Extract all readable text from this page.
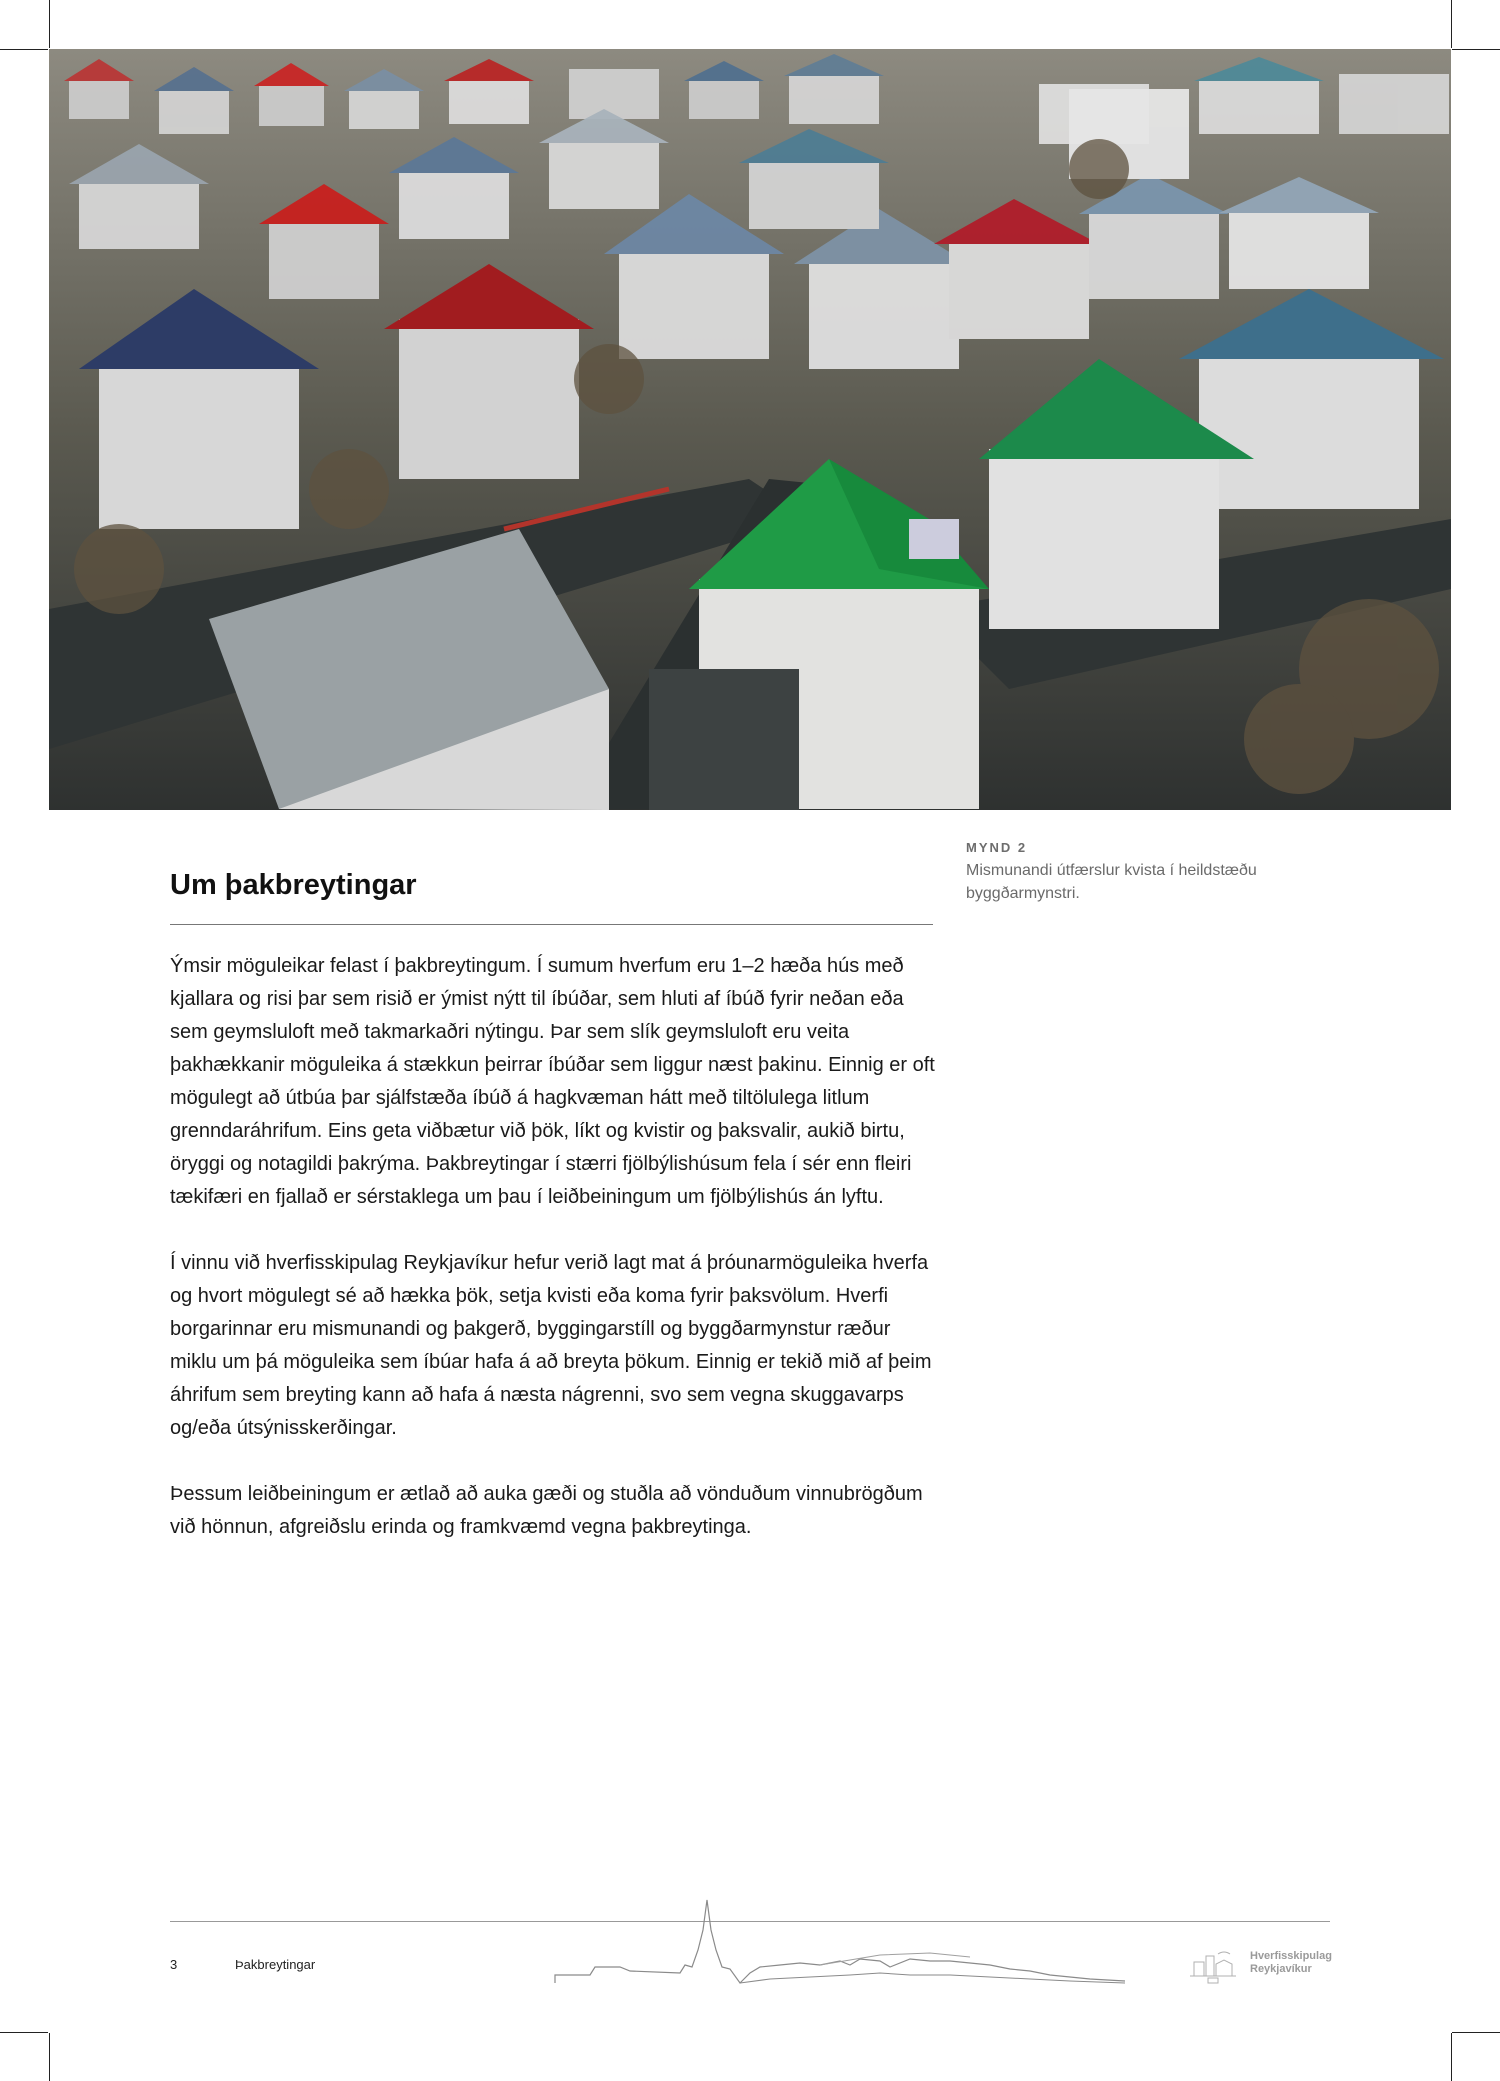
MYND 2
Mismunandi útfærslur kvista í heildstæðu byggðarmynstri.
Um þakbreytingar

Ýmsir möguleikar felast í þakbreytingum. Í sumum hverfum eru 1–2 hæða hús með kjallara og risi þar sem risið er ýmist nýtt til íbúðar, sem hluti af íbúð fyrir neðan eða sem geymsluloft með takmarkaðri nýtingu. Þar sem slík geymsluloft eru veita þakhækkanir möguleika á stækkun þeirrar íbúðar sem liggur næst þakinu. Einnig er oft mögulegt að útbúa þar sjálfstæða íbúð á hagkvæman hátt með tiltölulega litlum grenndaráhrifum. Eins geta viðbætur við þök, líkt og kvistir og þaksvalir, aukið birtu, öryggi og notagildi þakrýma. Þakbreytingar í stærri fjölbýlishúsum fela í sér enn fleiri tækifæri en fjallað er sérstaklega um þau í leiðbeiningum um fjölbýlishús án lyftu.

Í vinnu við hverfisskipulag Reykjavíkur hefur verið lagt mat á þróunarmöguleika hverfa og hvort mögulegt sé að hækka þök, setja kvisti eða koma fyrir þaksvölum. Hverfi borgarinnar eru mismunandi og þakgerð, byggingarstíll og byggðarmynstur ræður miklu um þá möguleika sem íbúar hafa á að breyta þökum. Einnig er tekið mið af þeim áhrifum sem breyting kann að hafa á næsta nágrenni, svo sem vegna skuggavarps og/eða útsýnisskerðingar.

Þessum leiðbeiningum er ætlað að auka gæði og stuðla að vönduðum vinnubrögðum við hönnun, afgreiðslu erinda og framkvæmd vegna þakbreytinga.

3	Þakbreytingar
Hverfisskipulag
Reykjavíkur
